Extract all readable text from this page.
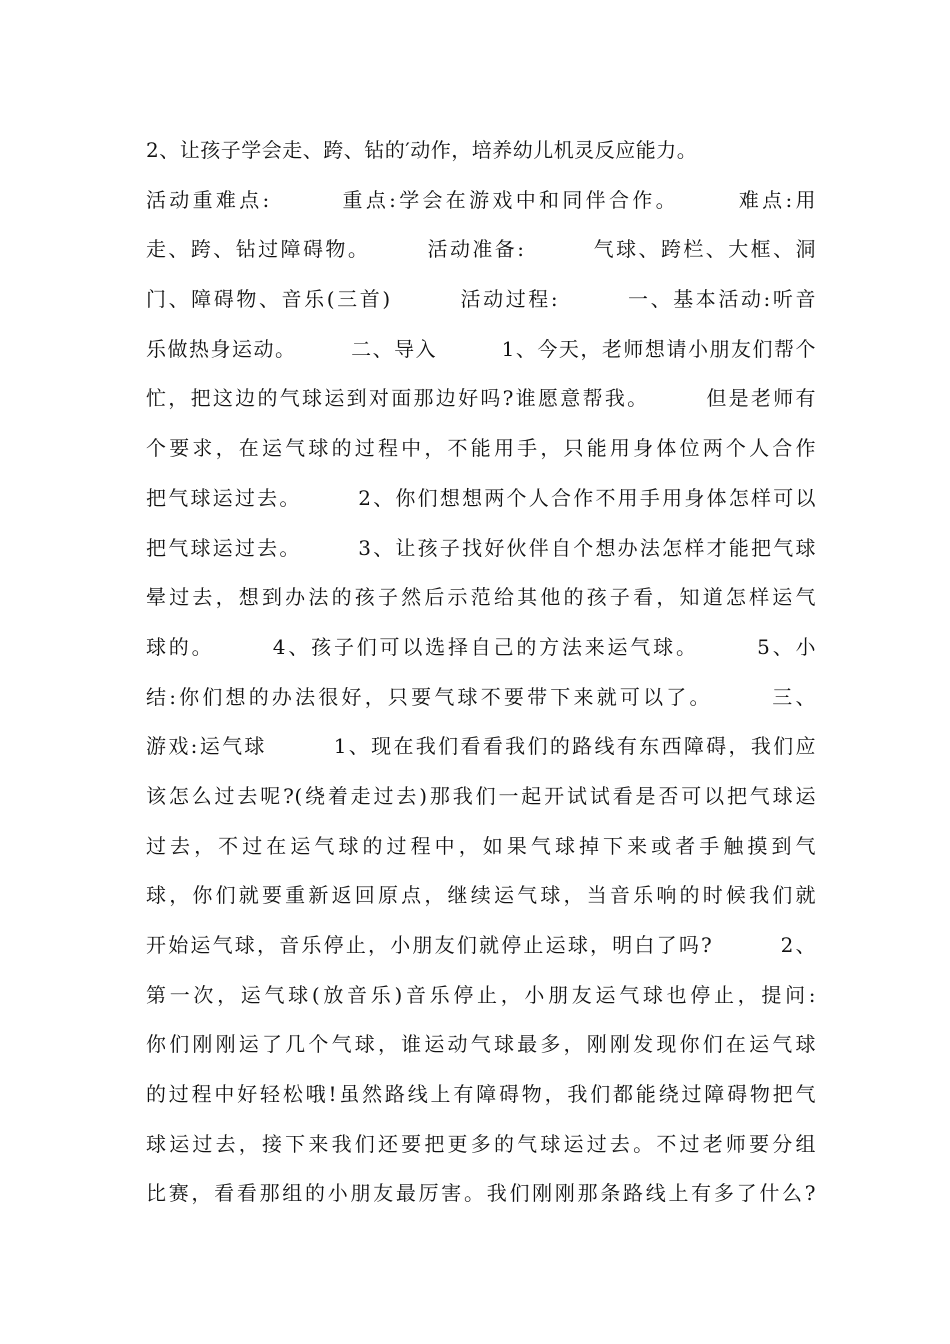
2、让孩子学会走、跨、钻的′动作，培养幼儿机灵反应能力。
活动重难点:　　　重点:学会在游戏中和同伴合作。　　　难点:用
走、跨、钻过障碍物。　　　活动准备:　　　气球、跨栏、大框、洞
门、障碍物、音乐(三首)　　　活动过程:　　　一、基本活动:听音
乐做热身运动。　　　二、导入　　　1、今天，老师想请小朋友们帮个
忙，把这边的气球运到对面那边好吗?谁愿意帮我。　　　但是老师有
个要求，在运气球的过程中，不能用手，只能用身体位两个人合作
把气球运过去。　　　2、你们想想两个人合作不用手用身体怎样可以
把气球运过去。　　　3、让孩子找好伙伴自个想办法怎样才能把气球
晕过去，想到办法的孩子然后示范给其他的孩子看，知道怎样运气
球的。　　　4、孩子们可以选择自己的方法来运气球。　　　5、小
结:你们想的办法很好，只要气球不要带下来就可以了。　　　三、
游戏:运气球　　　1、现在我们看看我们的路线有东西障碍，我们应
该怎么过去呢?(绕着走过去)那我们一起开试试看是否可以把气球运
过去，不过在运气球的过程中，如果气球掉下来或者手触摸到气
球，你们就要重新返回原点，继续运气球，当音乐响的时候我们就
开始运气球，音乐停止，小朋友们就停止运球，明白了吗?　　　2、
第一次，运气球(放音乐)音乐停止，小朋友运气球也停止，提问:
你们刚刚运了几个气球，谁运动气球最多，刚刚发现你们在运气球
的过程中好轻松哦!虽然路线上有障碍物，我们都能绕过障碍物把气
球运过去，接下来我们还要把更多的气球运过去。不过老师要分组
比赛，看看那组的小朋友最厉害。我们刚刚那条路线上有多了什么?
